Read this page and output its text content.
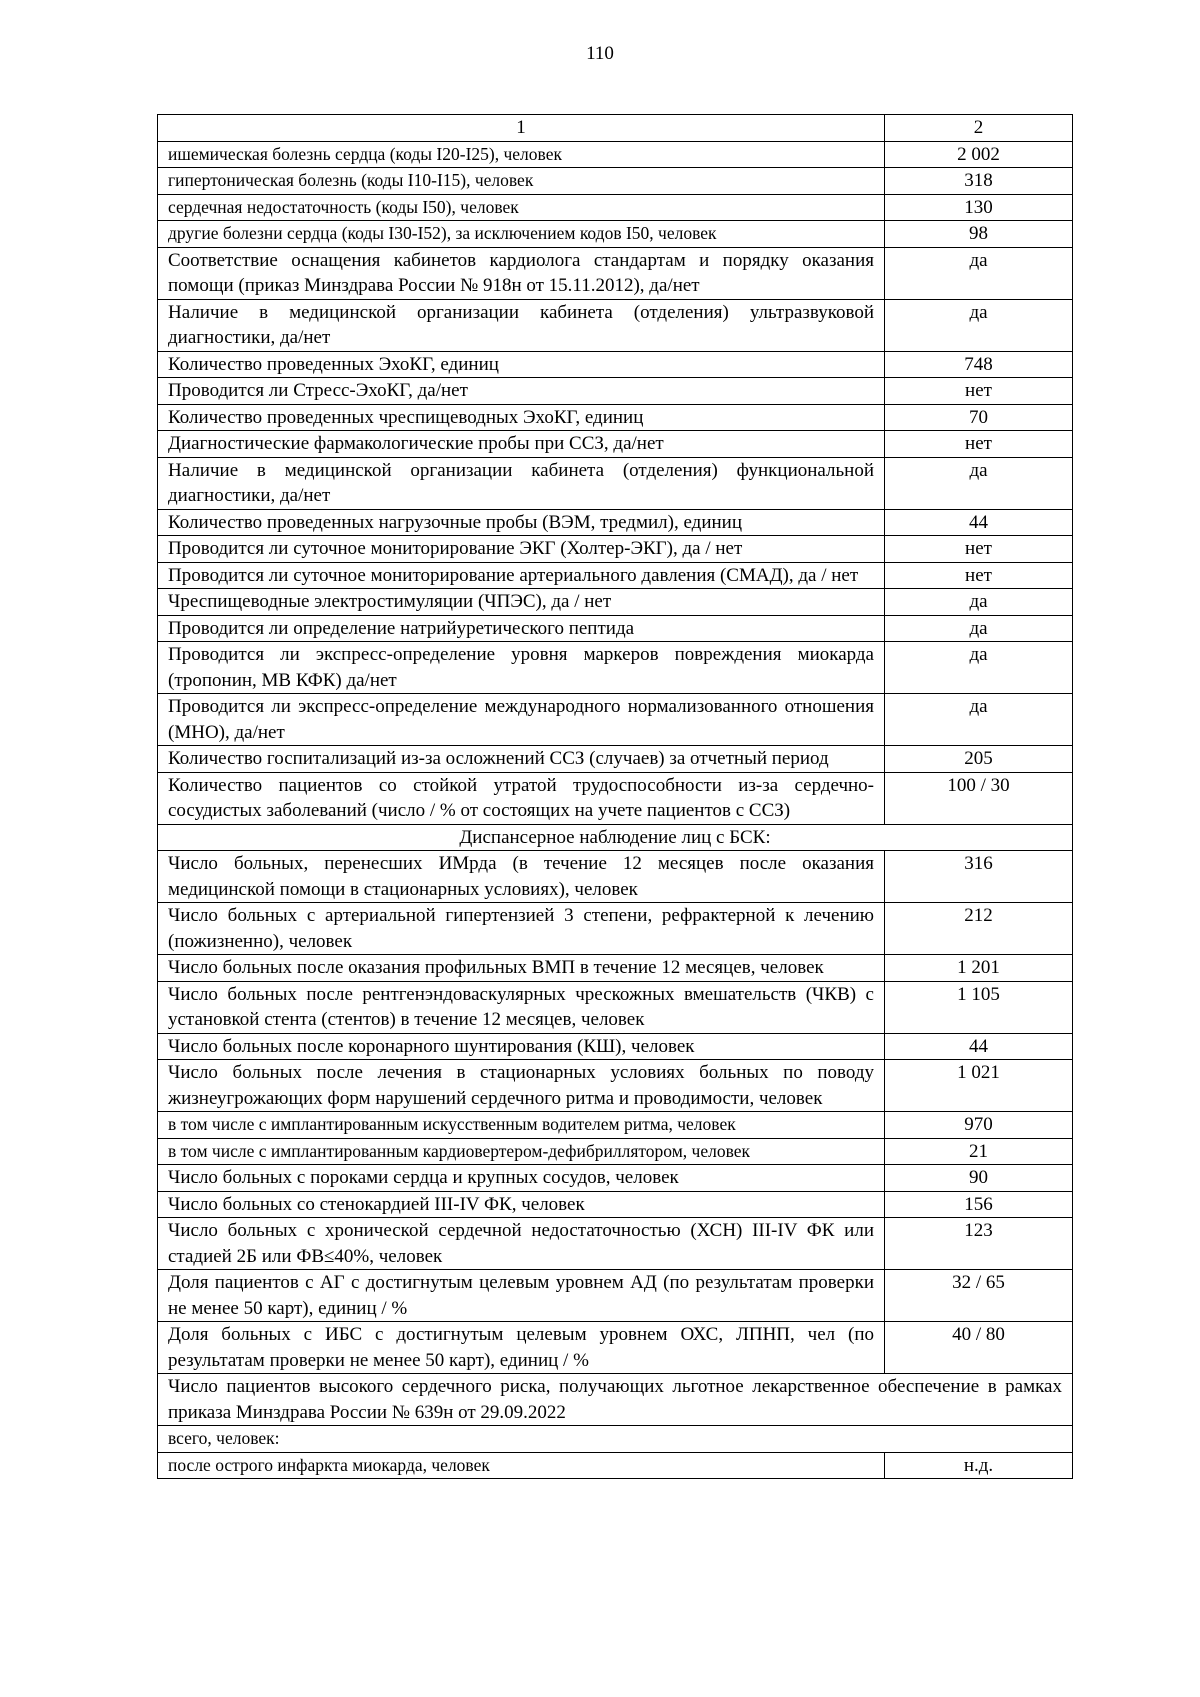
110
1	2
ишемическая болезнь сердца (коды I20-I25), человек	2 002
гипертоническая болезнь (коды I10-I15), человек	318
сердечная недостаточность (коды I50), человек	130
другие болезни сердца (коды I30-I52), за исключением кодов I50, человек	98
Соответствие оснащения кабинетов кардиолога стандартам и порядку оказания помощи (приказ Минздрава России № 918н от 15.11.2012), да/нет	да
Наличие в медицинской организации кабинета (отделения) ультразвуковой диагностики, да/нет	да
Количество проведенных ЭхоКГ, единиц	748
Проводится ли Стресс-ЭхоКГ, да/нет	нет
Количество проведенных чреспищеводных ЭхоКГ, единиц	70
Диагностические фармакологические пробы при ССЗ, да/нет	нет
Наличие в медицинской организации кабинета (отделения) функциональной диагностики, да/нет	да
Количество проведенных нагрузочные пробы (ВЭМ, тредмил), единиц	44
Проводится ли суточное мониторирование ЭКГ (Холтер-ЭКГ), да / нет	нет
Проводится ли суточное мониторирование артериального давления (СМАД), да / нет	нет
Чреспищеводные электростимуляции (ЧПЭС), да / нет	да
Проводится ли определение натрийуретического пептида	да
Проводится ли экспресс-определение уровня маркеров повреждения миокарда (тропонин, МВ КФК) да/нет	да
Проводится ли экспресс-определение международного нормализованного отношения (МНО), да/нет	да
Количество госпитализаций из-за осложнений ССЗ (случаев) за отчетный период	205
Количество пациентов со стойкой утратой трудоспособности из-за сердечно-сосудистых заболеваний (число / % от состоящих на учете пациентов с ССЗ)	100 / 30
Диспансерное наблюдение лиц с БСК:	
Число больных, перенесших ИМрда (в течение 12 месяцев после оказания медицинской помощи в стационарных условиях), человек	316
Число больных с артериальной гипертензией 3 степени, рефрактерной к лечению (пожизненно), человек	212
Число больных после оказания профильных ВМП в течение 12 месяцев, человек	1 201
Число больных после рентгенэндоваскулярных чрескожных вмешательств (ЧКВ) с установкой стента (стентов) в течение 12 месяцев, человек	1 105
Число больных после коронарного шунтирования (КШ), человек	44
Число больных после лечения в стационарных условиях больных по поводу жизнеугрожающих форм нарушений сердечного ритма и проводимости, человек	1 021
в том числе с имплантированным искусственным водителем ритма, человек	970
в том числе с имплантированным кардиовертером-дефибриллятором, человек	21
Число больных с пороками сердца и крупных сосудов, человек	90
Число больных со стенокардией III-IV ФК, человек	156
Число больных с хронической сердечной недостаточностью (ХСН) III-IV ФК или стадией 2Б или ФВ≤40%, человек	123
Доля пациентов с АГ с достигнутым целевым уровнем АД (по результатам проверки не менее 50 карт), единиц / %	32 / 65
Доля больных с ИБС с достигнутым целевым уровнем ОХС, ЛПНП, чел (по результатам проверки не менее 50 карт), единиц / %	40 / 80
Число пациентов высокого сердечного риска, получающих льготное лекарственное обеспечение в рамках приказа Минздрава России № 639н от 29.09.2022	
всего, человек:	
после острого инфаркта миокарда, человек	н.д.
